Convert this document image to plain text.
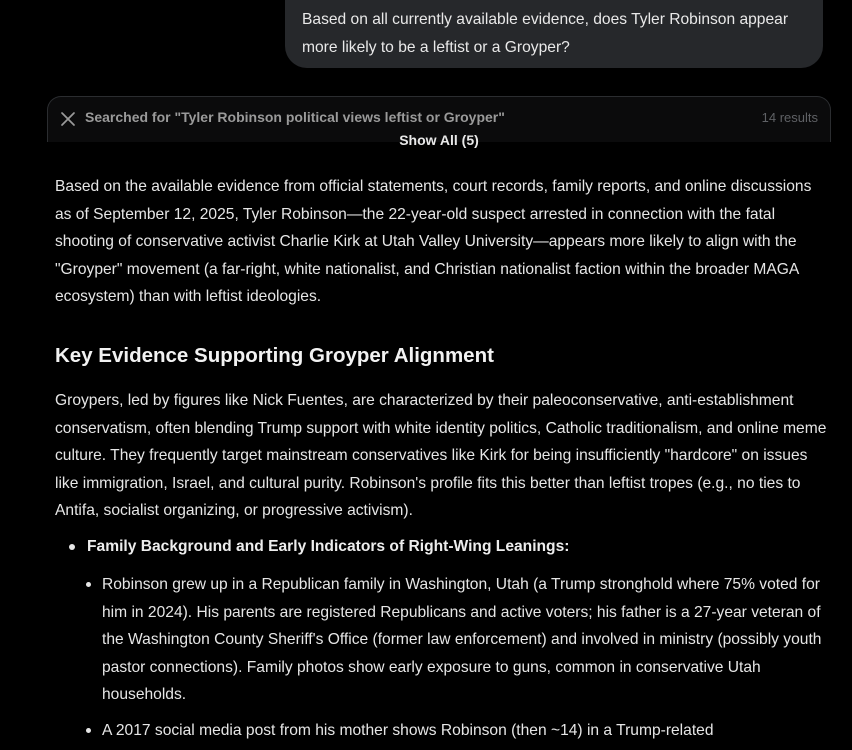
Based on all currently available evidence, does Tyler Robinson appear more likely to be a leftist or a Groyper?
Searched for "Tyler Robinson political views leftist or Groyper"	14 results
Show All (5)

Based on the available evidence from official statements, court records, family reports, and online discussions as of September 12, 2025, Tyler Robinson—the 22-year-old suspect arrested in connection with the fatal shooting of conservative activist Charlie Kirk at Utah Valley University—appears more likely to align with the "Groyper" movement (a far-right, white nationalist, and Christian nationalist faction within the broader MAGA ecosystem) than with leftist ideologies.

Key Evidence Supporting Groyper Alignment

Groypers, led by figures like Nick Fuentes, are characterized by their paleoconservative, anti-establishment conservatism, often blending Trump support with white identity politics, Catholic traditionalism, and online meme culture. They frequently target mainstream conservatives like Kirk for being insufficiently "hardcore" on issues like immigration, Israel, and cultural purity. Robinson's profile fits this better than leftist tropes (e.g., no ties to Antifa, socialist organizing, or progressive activism).

Family Background and Early Indicators of Right-Wing Leanings:
Robinson grew up in a Republican family in Washington, Utah (a Trump stronghold where 75% voted for him in 2024). His parents are registered Republicans and active voters; his father is a 27-year veteran of the Washington County Sheriff's Office (former law enforcement) and involved in ministry (possibly youth pastor connections). Family photos show early exposure to guns, common in conservative Utah households.
A 2017 social media post from his mother shows Robinson (then ~14) in a Trump-related
